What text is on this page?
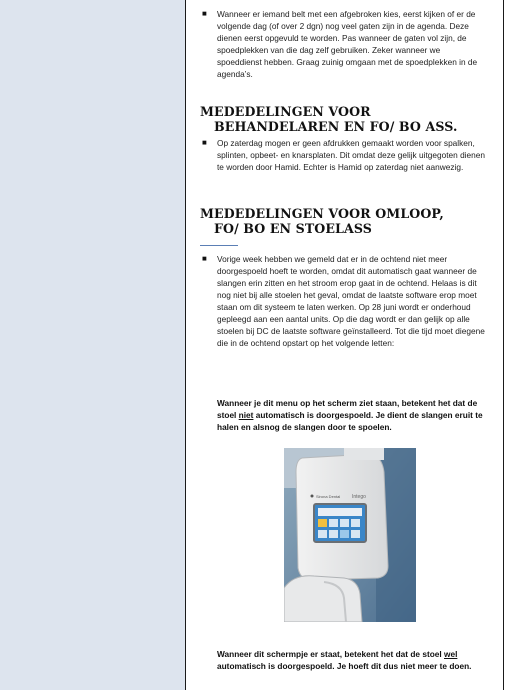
■ Wanneer er iemand belt met een afgebroken kies, eerst kijken of er de volgende dag (of over 2 dgn) nog veel gaten zijn in de agenda. Deze dienen eerst opgevuld te worden. Pas wanneer de gaten vol zijn, de spoedplekken van die dag zelf gebruiken. Zeker wanneer we spoeddienst hebben. Graag zuinig omgaan met de spoedplekken in de agenda’s.
MEDEDELINGEN VOOR
BEHANDELAREN EN FO/ BO ASS.
■ Op zaterdag mogen er geen afdrukken gemaakt worden voor spalken, splinten, opbeet- en knarsplaten. Dit omdat deze gelijk uitgegoten dienen te worden door Hamid. Echter is Hamid op zaterdag niet aanwezig.
MEDEDELINGEN VOOR OMLOOP,
FO/ BO EN STOELASS
■ Vorige week hebben we gemeld dat er in de ochtend niet meer doorgespoeld hoeft te worden, omdat dit automatisch gaat wanneer de slangen erin zitten en het stroom erop gaat in de ochtend. Helaas is dit nog niet bij alle stoelen het geval, omdat de laatste software erop moet staan om dit systeem te laten werken. Op 28 juni wordt er onderhoud gepleegd aan een aantal units. Op die dag wordt er dan gelijk op alle stoelen bij DC de laatste software geïnstalleerd. Tot die tijd moet diegene die in de ochtend opstart op het volgende letten:
Wanneer je dit menu op het scherm ziet staan, betekent het dat de stoel niet automatisch is doorgespoeld. Je dient de slangen eruit te halen en alsnog de slangen door te spoelen.
Sirona Dental Intego
Wanneer dit schermpje er staat, betekent het dat de stoel wel automatisch is doorgespoeld. Je hoeft dit dus niet meer te doen.
